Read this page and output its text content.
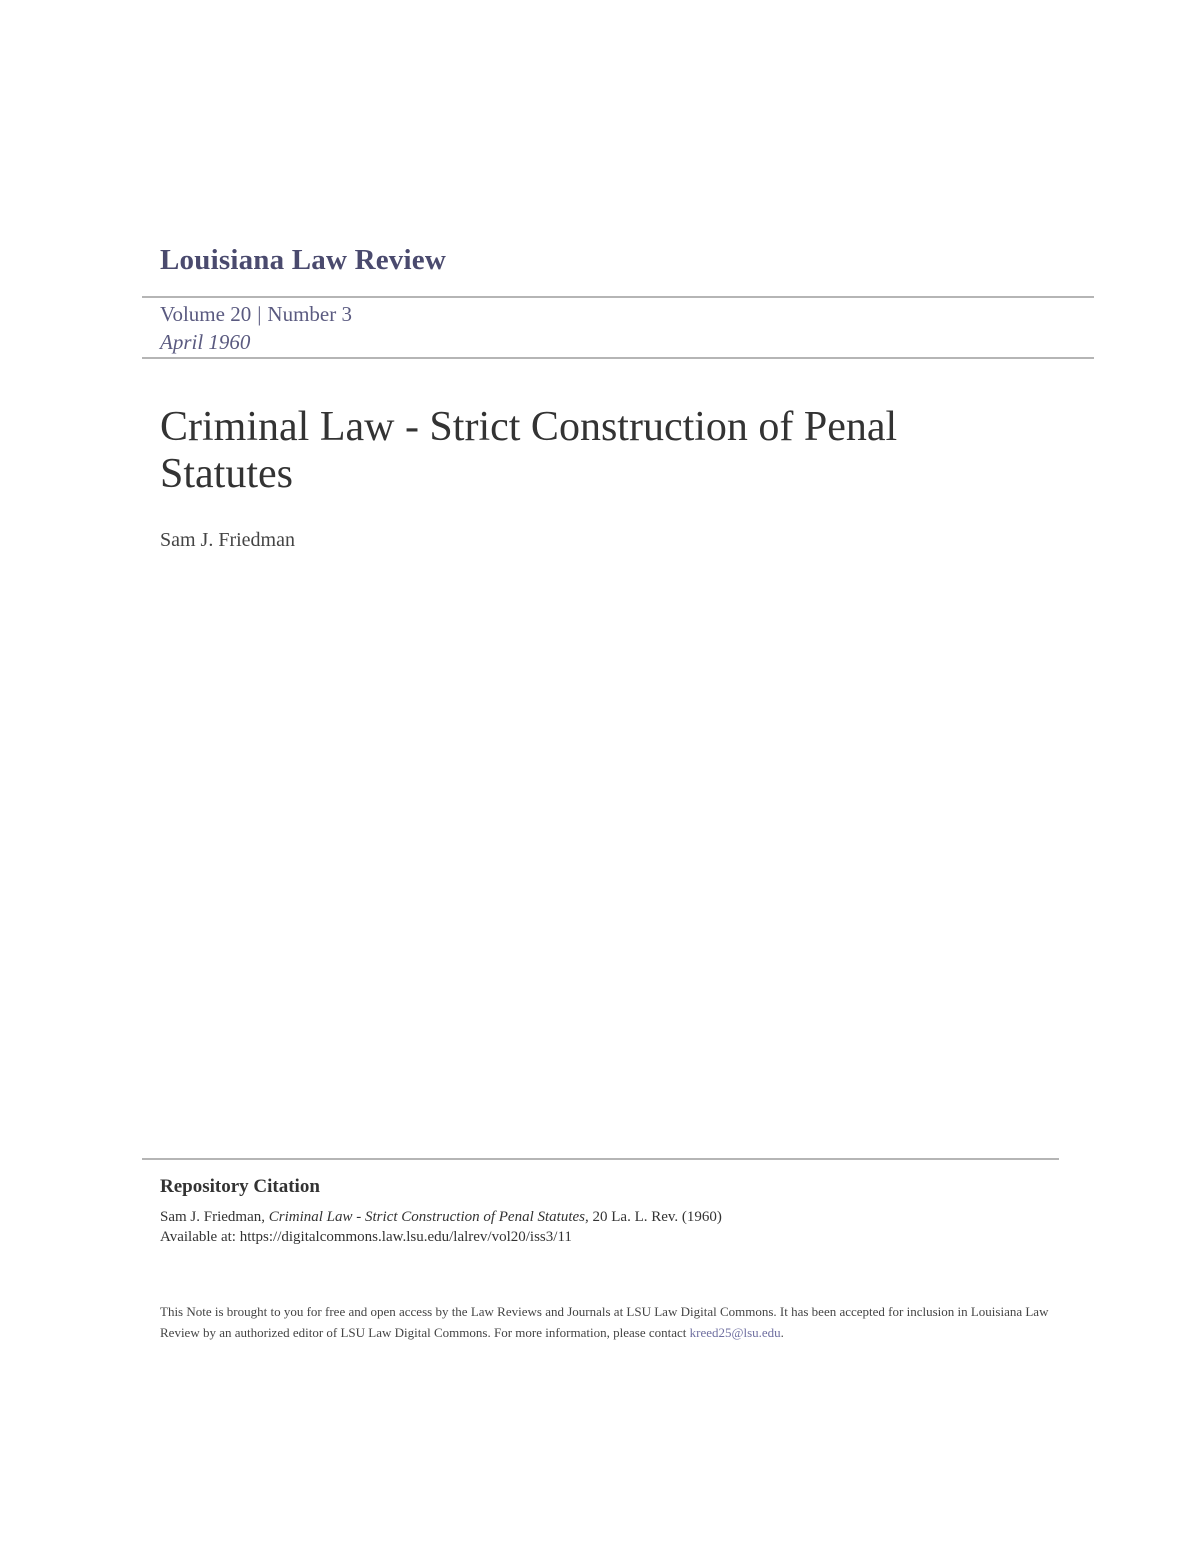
Louisiana Law Review
Volume 20 | Number 3
April 1960
Criminal Law - Strict Construction of Penal Statutes
Sam J. Friedman
Repository Citation
Sam J. Friedman, Criminal Law - Strict Construction of Penal Statutes, 20 La. L. Rev. (1960)
Available at: https://digitalcommons.law.lsu.edu/lalrev/vol20/iss3/11
This Note is brought to you for free and open access by the Law Reviews and Journals at LSU Law Digital Commons. It has been accepted for inclusion in Louisiana Law Review by an authorized editor of LSU Law Digital Commons. For more information, please contact kreed25@lsu.edu.
